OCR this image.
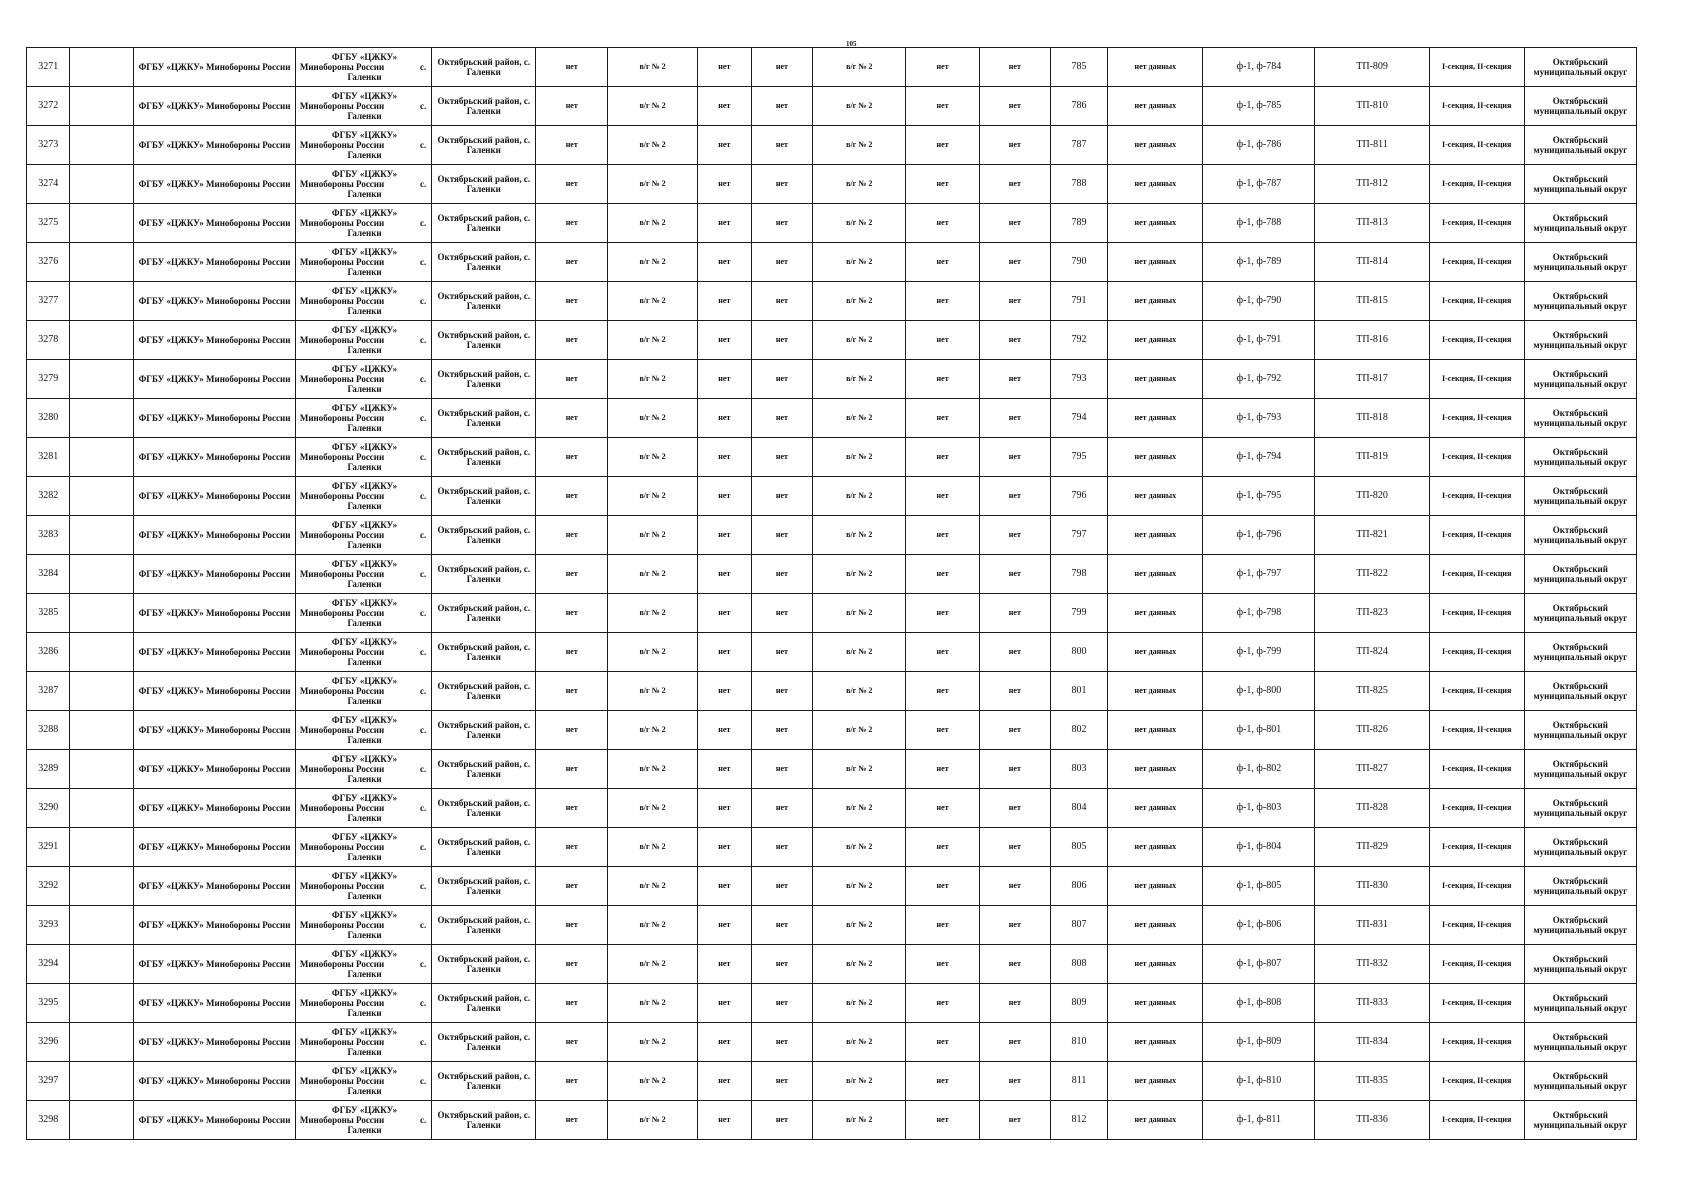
105
3271		ФГБУ «ЦЖКУ» Минобороны России	ФГБУ «ЦЖКУ»
Минобороны России с.
Галенки	Октябрьский район, с. Галенки	нет	в/г № 2	нет	нет	в/г № 2	нет	нет	785	нет данных	ф-1, ф-784	ТП-809	I-секция, II-секция	Октябрьский муниципальный округ
3272		ФГБУ «ЦЖКУ» Минобороны России	ФГБУ «ЦЖКУ»
Минобороны России с.
Галенки	Октябрьский район, с. Галенки	нет	в/г № 2	нет	нет	в/г № 2	нет	нет	786	нет данных	ф-1, ф-785	ТП-810	I-секция, II-секция	Октябрьский муниципальный округ
3273		ФГБУ «ЦЖКУ» Минобороны России	ФГБУ «ЦЖКУ»
Минобороны России с.
Галенки	Октябрьский район, с. Галенки	нет	в/г № 2	нет	нет	в/г № 2	нет	нет	787	нет данных	ф-1, ф-786	ТП-811	I-секция, II-секция	Октябрьский муниципальный округ
3274		ФГБУ «ЦЖКУ» Минобороны России	ФГБУ «ЦЖКУ»
Минобороны России с.
Галенки	Октябрьский район, с. Галенки	нет	в/г № 2	нет	нет	в/г № 2	нет	нет	788	нет данных	ф-1, ф-787	ТП-812	I-секция, II-секция	Октябрьский муниципальный округ
3275		ФГБУ «ЦЖКУ» Минобороны России	ФГБУ «ЦЖКУ»
Минобороны России с.
Галенки	Октябрьский район, с. Галенки	нет	в/г № 2	нет	нет	в/г № 2	нет	нет	789	нет данных	ф-1, ф-788	ТП-813	I-секция, II-секция	Октябрьский муниципальный округ
3276		ФГБУ «ЦЖКУ» Минобороны России	ФГБУ «ЦЖКУ»
Минобороны России с.
Галенки	Октябрьский район, с. Галенки	нет	в/г № 2	нет	нет	в/г № 2	нет	нет	790	нет данных	ф-1, ф-789	ТП-814	I-секция, II-секция	Октябрьский муниципальный округ
3277		ФГБУ «ЦЖКУ» Минобороны России	ФГБУ «ЦЖКУ»
Минобороны России с.
Галенки	Октябрьский район, с. Галенки	нет	в/г № 2	нет	нет	в/г № 2	нет	нет	791	нет данных	ф-1, ф-790	ТП-815	I-секция, II-секция	Октябрьский муниципальный округ
3278		ФГБУ «ЦЖКУ» Минобороны России	ФГБУ «ЦЖКУ»
Минобороны России с.
Галенки	Октябрьский район, с. Галенки	нет	в/г № 2	нет	нет	в/г № 2	нет	нет	792	нет данных	ф-1, ф-791	ТП-816	I-секция, II-секция	Октябрьский муниципальный округ
3279		ФГБУ «ЦЖКУ» Минобороны России	ФГБУ «ЦЖКУ»
Минобороны России с.
Галенки	Октябрьский район, с. Галенки	нет	в/г № 2	нет	нет	в/г № 2	нет	нет	793	нет данных	ф-1, ф-792	ТП-817	I-секция, II-секция	Октябрьский муниципальный округ
3280		ФГБУ «ЦЖКУ» Минобороны России	ФГБУ «ЦЖКУ»
Минобороны России с.
Галенки	Октябрьский район, с. Галенки	нет	в/г № 2	нет	нет	в/г № 2	нет	нет	794	нет данных	ф-1, ф-793	ТП-818	I-секция, II-секция	Октябрьский муниципальный округ
3281		ФГБУ «ЦЖКУ» Минобороны России	ФГБУ «ЦЖКУ»
Минобороны России с.
Галенки	Октябрьский район, с. Галенки	нет	в/г № 2	нет	нет	в/г № 2	нет	нет	795	нет данных	ф-1, ф-794	ТП-819	I-секция, II-секция	Октябрьский муниципальный округ
3282		ФГБУ «ЦЖКУ» Минобороны России	ФГБУ «ЦЖКУ»
Минобороны России с.
Галенки	Октябрьский район, с. Галенки	нет	в/г № 2	нет	нет	в/г № 2	нет	нет	796	нет данных	ф-1, ф-795	ТП-820	I-секция, II-секция	Октябрьский муниципальный округ
3283		ФГБУ «ЦЖКУ» Минобороны России	ФГБУ «ЦЖКУ»
Минобороны России с.
Галенки	Октябрьский район, с. Галенки	нет	в/г № 2	нет	нет	в/г № 2	нет	нет	797	нет данных	ф-1, ф-796	ТП-821	I-секция, II-секция	Октябрьский муниципальный округ
3284		ФГБУ «ЦЖКУ» Минобороны России	ФГБУ «ЦЖКУ»
Минобороны России с.
Галенки	Октябрьский район, с. Галенки	нет	в/г № 2	нет	нет	в/г № 2	нет	нет	798	нет данных	ф-1, ф-797	ТП-822	I-секция, II-секция	Октябрьский муниципальный округ
3285		ФГБУ «ЦЖКУ» Минобороны России	ФГБУ «ЦЖКУ»
Минобороны России с.
Галенки	Октябрьский район, с. Галенки	нет	в/г № 2	нет	нет	в/г № 2	нет	нет	799	нет данных	ф-1, ф-798	ТП-823	I-секция, II-секция	Октябрьский муниципальный округ
3286		ФГБУ «ЦЖКУ» Минобороны России	ФГБУ «ЦЖКУ»
Минобороны России с.
Галенки	Октябрьский район, с. Галенки	нет	в/г № 2	нет	нет	в/г № 2	нет	нет	800	нет данных	ф-1, ф-799	ТП-824	I-секция, II-секция	Октябрьский муниципальный округ
3287		ФГБУ «ЦЖКУ» Минобороны России	ФГБУ «ЦЖКУ»
Минобороны России с.
Галенки	Октябрьский район, с. Галенки	нет	в/г № 2	нет	нет	в/г № 2	нет	нет	801	нет данных	ф-1, ф-800	ТП-825	I-секция, II-секция	Октябрьский муниципальный округ
3288		ФГБУ «ЦЖКУ» Минобороны России	ФГБУ «ЦЖКУ»
Минобороны России с.
Галенки	Октябрьский район, с. Галенки	нет	в/г № 2	нет	нет	в/г № 2	нет	нет	802	нет данных	ф-1, ф-801	ТП-826	I-секция, II-секция	Октябрьский муниципальный округ
3289		ФГБУ «ЦЖКУ» Минобороны России	ФГБУ «ЦЖКУ»
Минобороны России с.
Галенки	Октябрьский район, с. Галенки	нет	в/г № 2	нет	нет	в/г № 2	нет	нет	803	нет данных	ф-1, ф-802	ТП-827	I-секция, II-секция	Октябрьский муниципальный округ
3290		ФГБУ «ЦЖКУ» Минобороны России	ФГБУ «ЦЖКУ»
Минобороны России с.
Галенки	Октябрьский район, с. Галенки	нет	в/г № 2	нет	нет	в/г № 2	нет	нет	804	нет данных	ф-1, ф-803	ТП-828	I-секция, II-секция	Октябрьский муниципальный округ
3291		ФГБУ «ЦЖКУ» Минобороны России	ФГБУ «ЦЖКУ»
Минобороны России с.
Галенки	Октябрьский район, с. Галенки	нет	в/г № 2	нет	нет	в/г № 2	нет	нет	805	нет данных	ф-1, ф-804	ТП-829	I-секция, II-секция	Октябрьский муниципальный округ
3292		ФГБУ «ЦЖКУ» Минобороны России	ФГБУ «ЦЖКУ»
Минобороны России с.
Галенки	Октябрьский район, с. Галенки	нет	в/г № 2	нет	нет	в/г № 2	нет	нет	806	нет данных	ф-1, ф-805	ТП-830	I-секция, II-секция	Октябрьский муниципальный округ
3293		ФГБУ «ЦЖКУ» Минобороны России	ФГБУ «ЦЖКУ»
Минобороны России с.
Галенки	Октябрьский район, с. Галенки	нет	в/г № 2	нет	нет	в/г № 2	нет	нет	807	нет данных	ф-1, ф-806	ТП-831	I-секция, II-секция	Октябрьский муниципальный округ
3294		ФГБУ «ЦЖКУ» Минобороны России	ФГБУ «ЦЖКУ»
Минобороны России с.
Галенки	Октябрьский район, с. Галенки	нет	в/г № 2	нет	нет	в/г № 2	нет	нет	808	нет данных	ф-1, ф-807	ТП-832	I-секция, II-секция	Октябрьский муниципальный округ
3295		ФГБУ «ЦЖКУ» Минобороны России	ФГБУ «ЦЖКУ»
Минобороны России с.
Галенки	Октябрьский район, с. Галенки	нет	в/г № 2	нет	нет	в/г № 2	нет	нет	809	нет данных	ф-1, ф-808	ТП-833	I-секция, II-секция	Октябрьский муниципальный округ
3296		ФГБУ «ЦЖКУ» Минобороны России	ФГБУ «ЦЖКУ»
Минобороны России с.
Галенки	Октябрьский район, с. Галенки	нет	в/г № 2	нет	нет	в/г № 2	нет	нет	810	нет данных	ф-1, ф-809	ТП-834	I-секция, II-секция	Октябрьский муниципальный округ
3297		ФГБУ «ЦЖКУ» Минобороны России	ФГБУ «ЦЖКУ»
Минобороны России с.
Галенки	Октябрьский район, с. Галенки	нет	в/г № 2	нет	нет	в/г № 2	нет	нет	811	нет данных	ф-1, ф-810	ТП-835	I-секция, II-секция	Октябрьский муниципальный округ
3298		ФГБУ «ЦЖКУ» Минобороны России	ФГБУ «ЦЖКУ»
Минобороны России с.
Галенки	Октябрьский район, с. Галенки	нет	в/г № 2	нет	нет	в/г № 2	нет	нет	812	нет данных	ф-1, ф-811	ТП-836	I-секция, II-секция	Октябрьский муниципальный округ
